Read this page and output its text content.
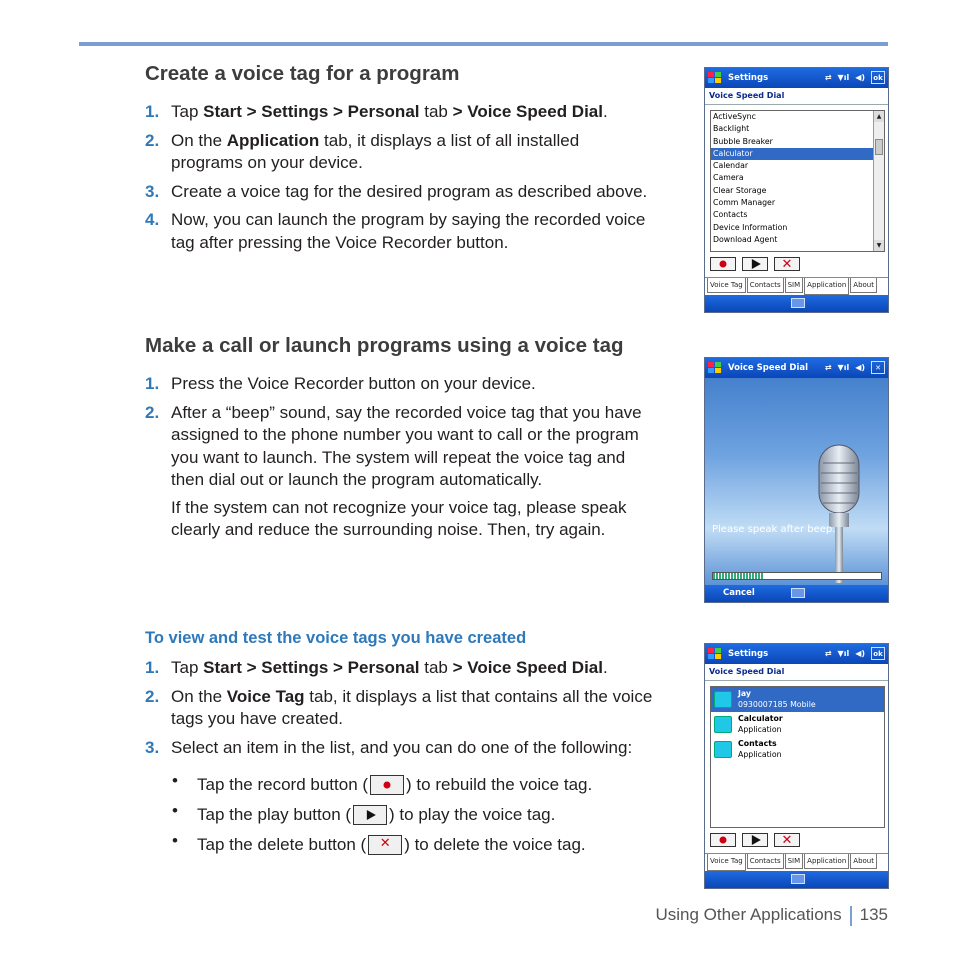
Create a voice tag for a program
1. Tap Start > Settings > Personal tab > Voice Speed Dial.
2. On the Application tab, it displays a list of all installed programs on your device.
3. Create a voice tag for the desired program as described above.
4. Now, you can launch the program by saying the recorded voice tag after pressing the Voice Recorder button.
Make a call or launch programs using a voice tag
1. Press the Voice Recorder button on your device.
2. After a “beep” sound, say the recorded voice tag that you have assigned to the phone number you want to call or the program you want to launch. The system will repeat the voice tag and then dial out or launch the program automatically.

If the system can not recognize your voice tag, please speak clearly and reduce the surrounding noise. Then, try again.

To view and test the voice tags you have created
1. Tap Start > Settings > Personal tab > Voice Speed Dial.
2. On the Voice Tag tab, it displays a list that contains all the voice tags you have created.
3. Select an item in the list, and you can do one of the following:
• Tap the record button ( ) to rebuild the voice tag.
• Tap the play button ( ) to play the voice tag.
• Tap the delete button (	✕ ) to delete the voice tag.
Using Other Applications 135
Settings	⇄ ▼ıl ◀)	ok
Voice Speed Dial
ActiveSync
Backlight
Bubble Breaker
Calculator
Calendar
Camera
Clear Storage
Comm Manager
Contacts
Device Information
Download Agent
▲
▼
✕
Voice Tag	Contacts	SIM	Application	About
Voice Speed Dial ⇄ ▼ıl ◀)	✕
Please speak after beep.
Cancel
Settings	⇄ ▼ıl ◀)	ok
Voice Speed Dial
Jay
0930007185 Mobile
Calculator
Application
Contacts
Application
✕
Voice Tag	Contacts	SIM	Application	About
